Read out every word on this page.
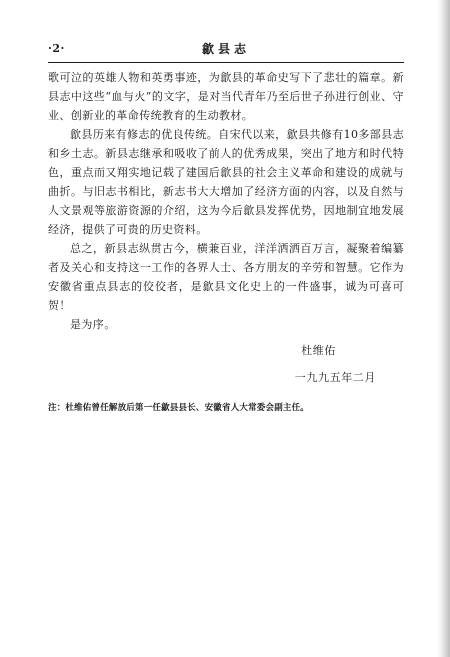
歙县志
·2·

歌可泣的英雄人物和英勇事迹，为歙县的革命史写下了悲壮的篇章。新县志中这些“血与火”的文字，是对当代青年乃至后世子孙进行创业、守业、创新业的革命传统教育的生动教材。

歙县历来有修志的优良传统。自宋代以来，歙县共修有10多部县志和乡土志。新县志继承和吸收了前人的优秀成果，突出了地方和时代特色，重点而又翔实地记载了建国后歙县的社会主义革命和建设的成就与曲折。与旧志书相比，新志书大大增加了经济方面的内容，以及自然与人文景观等旅游资源的介绍，这为今后歙县发挥优势，因地制宜地发展经济，提供了可贵的历史资料。

总之，新县志纵贯古今，横兼百业，洋洋洒洒百万言，凝聚着编纂者及关心和支持这一工作的各界人士、各方朋友的辛劳和智慧。它作为安徽省重点县志的佼佼者，是歙县文化史上的一件盛事，诚为可喜可贺！

是为序。

杜维佑
一九九五年二月
注：杜维佑曾任解放后第一任歙县县长、安徽省人大常委会副主任。
